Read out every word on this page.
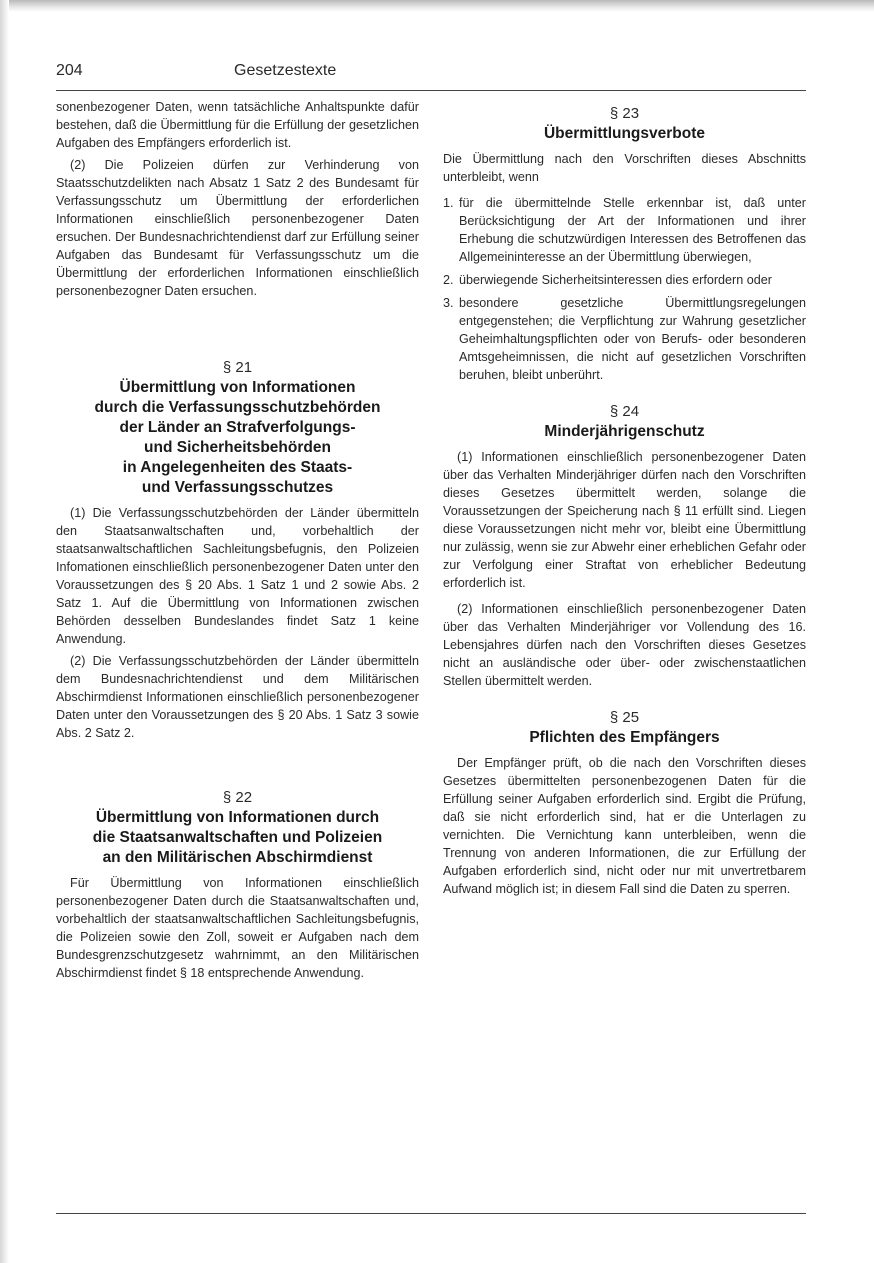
204	Gesetzestexte

sonenbezogener Daten, wenn tatsächliche Anhaltspunkte dafür bestehen, daß die Übermittlung für die Erfüllung der gesetzlichen Aufgaben des Empfängers erforderlich ist.

(2) Die Polizeien dürfen zur Verhinderung von Staatsschutzdelikten nach Absatz 1 Satz 2 des Bundesamt für Verfassungsschutz um Übermittlung der erforderlichen Informationen einschließlich personenbezogener Daten ersuchen. Der Bundesnachrichtendienst darf zur Erfüllung seiner Aufgaben das Bundesamt für Verfassungsschutz um die Übermittlung der erforderlichen Informationen einschließlich personenbezogner Daten ersuchen.

§ 21

Übermittlung von Informationen
durch die Verfassungsschutzbehörden
der Länder an Strafverfolgungs-
und Sicherheitsbehörden
in Angelegenheiten des Staats-
und Verfassungsschutzes

(1) Die Verfassungsschutzbehörden der Länder übermitteln den Staatsanwaltschaften und, vorbehaltlich der staatsanwaltschaftlichen Sachleitungsbefugnis, den Polizeien Infomationen einschließlich personenbezogener Daten unter den Voraussetzungen des § 20 Abs. 1 Satz 1 und 2 sowie Abs. 2 Satz 1. Auf die Übermittlung von Informationen zwischen Behörden desselben Bundeslandes findet Satz 1 keine Anwendung.

(2) Die Verfassungsschutzbehörden der Länder übermitteln dem Bundesnachrichtendienst und dem Militärischen Abschirmdienst Informationen einschließlich personenbezogener Daten unter den Voraussetzungen des § 20 Abs. 1 Satz 3 sowie Abs. 2 Satz 2.

§ 22

Übermittlung von Informationen durch
die Staatsanwaltschaften und Polizeien
an den Militärischen Abschirmdienst

Für Übermittlung von Informationen einschließlich personenbezogener Daten durch die Staatsanwaltschaften und, vorbehaltlich der staatsanwaltschaftlichen Sachleitungsbefugnis, die Polizeien sowie den Zoll, soweit er Aufgaben nach dem Bundesgrenzschutzgesetz wahrnimmt, an den Militärischen Abschirmdienst findet § 18 entsprechende Anwendung.

§ 23

Übermittlungsverbote

Die Übermittlung nach den Vorschriften dieses Abschnitts unterbleibt, wenn

1. für die übermittelnde Stelle erkennbar ist, daß unter Berücksichtigung der Art der Informationen und ihrer Erhebung die schutzwürdigen Interessen des Betroffenen das Allgemeininteresse an der Übermittlung überwiegen,
2. überwiegende Sicherheitsinteressen dies erfordern oder
3. besondere gesetzliche Übermittlungsregelungen entgegenstehen; die Verpflichtung zur Wahrung gesetzlicher Geheimhaltungspflichten oder von Berufs- oder besonderen Amtsgeheimnissen, die nicht auf gesetzlichen Vorschriften beruhen, bleibt unberührt.

§ 24

Minderjährigenschutz

(1) Informationen einschließlich personenbezogener Daten über das Verhalten Minderjähriger dürfen nach den Vorschriften dieses Gesetzes übermittelt werden, solange die Voraussetzungen der Speicherung nach § 11 erfüllt sind. Liegen diese Voraussetzungen nicht mehr vor, bleibt eine Übermittlung nur zulässig, wenn sie zur Abwehr einer erheblichen Gefahr oder zur Verfolgung einer Straftat von erheblicher Bedeutung erforderlich ist.

(2) Informationen einschließlich personenbezogener Daten über das Verhalten Minderjähriger vor Vollendung des 16. Lebensjahres dürfen nach den Vorschriften dieses Gesetzes nicht an ausländische oder über- oder zwischenstaatlichen Stellen übermittelt werden.

§ 25

Pflichten des Empfängers

Der Empfänger prüft, ob die nach den Vorschriften dieses Gesetzes übermittelten personenbezogenen Daten für die Erfüllung seiner Aufgaben erforderlich sind. Ergibt die Prüfung, daß sie nicht erforderlich sind, hat er die Unterlagen zu vernichten. Die Vernichtung kann unterbleiben, wenn die Trennung von anderen Informationen, die zur Erfüllung der Aufgaben erforderlich sind, nicht oder nur mit unvertretbarem Aufwand möglich ist; in diesem Fall sind die Daten zu sperren.
